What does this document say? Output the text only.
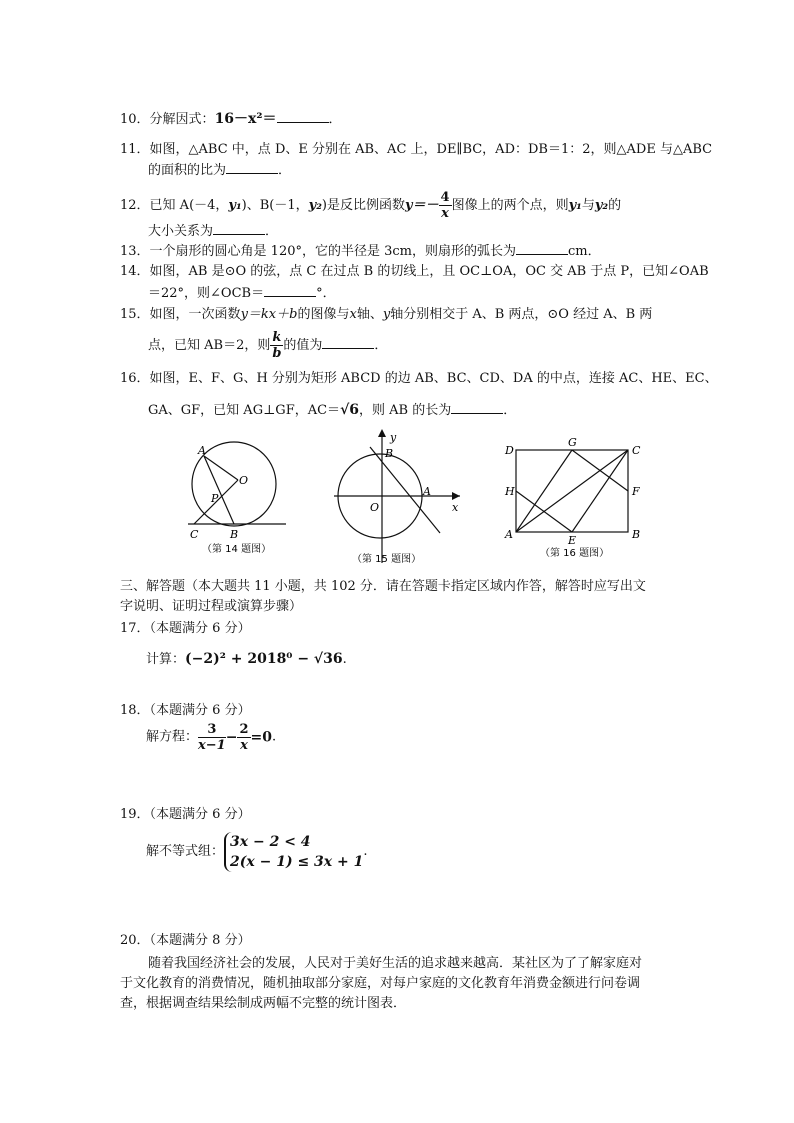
10．分解因式：16－x²＝	．
11．如图，△ABC 中，点 D、E 分别在 AB、AC 上，DE∥BC，AD：DB＝1：2，则△ADE 与△ABC
的面积的比为	．
12．已知 A(－4，y₁)、B(－1，y₂)是反比例函数$y=- \frac{4}{x}$ 图像上的两个点，则y₁与y₂的
大小关系为	．
13．一个扇形的圆心角是 120°，它的半径是 3cm，则扇形的弧长为	cm．
14．如图，AB 是⊙O 的弦，点 C 在过点 B 的切线上，且 OC⊥OA，OC 交 AB 于点 P，已知∠OAB
＝22°，则∠OCB＝	°．
15．如图，一次函数y＝kx＋b的图像与x轴、y轴分别相交于 A、B 两点，⊙O 经过 A、B 两
点，已知 AB＝2，则 $\frac{k}{b}$ 的值为	．
16．如图，E、F、G、H 分别为矩形 ABCD 的边 AB、BC、CD、DA 的中点，连接 AC、HE、EC、
GA、GF，已知 AG⊥GF，AC＝√6，则 AB 的长为	．
A
O
P
C	B
（第 14 题图）
y
B
O
A
x
（第 15 题图）
D
G
C
H	F
A	E	B
（第 16 题图）
三、解答题（本大题共 11 小题，共 102 分．请在答题卡指定区域内作答，解答时应写出文
字说明、证明过程或演算步骤）
17．（本题满分 6 分）
计算：(−2)² + 2018⁰ − √36.
18．（本题满分 6 分）
解方程： $\frac{3}{x-1} - \frac{2}{x} =0$.
19．（本题满分 6 分）
解不等式组：
3x − 2 < 4
2(x − 1) ≤ 3x + 1
.
20．（本题满分 8 分）
随着我国经济社会的发展，人民对于美好生活的追求越来越高．某社区为了了解家庭对
于文化教育的消费情况，随机抽取部分家庭，对每户家庭的文化教育年消费金额进行问卷调
查，根据调查结果绘制成两幅不完整的统计图表．
